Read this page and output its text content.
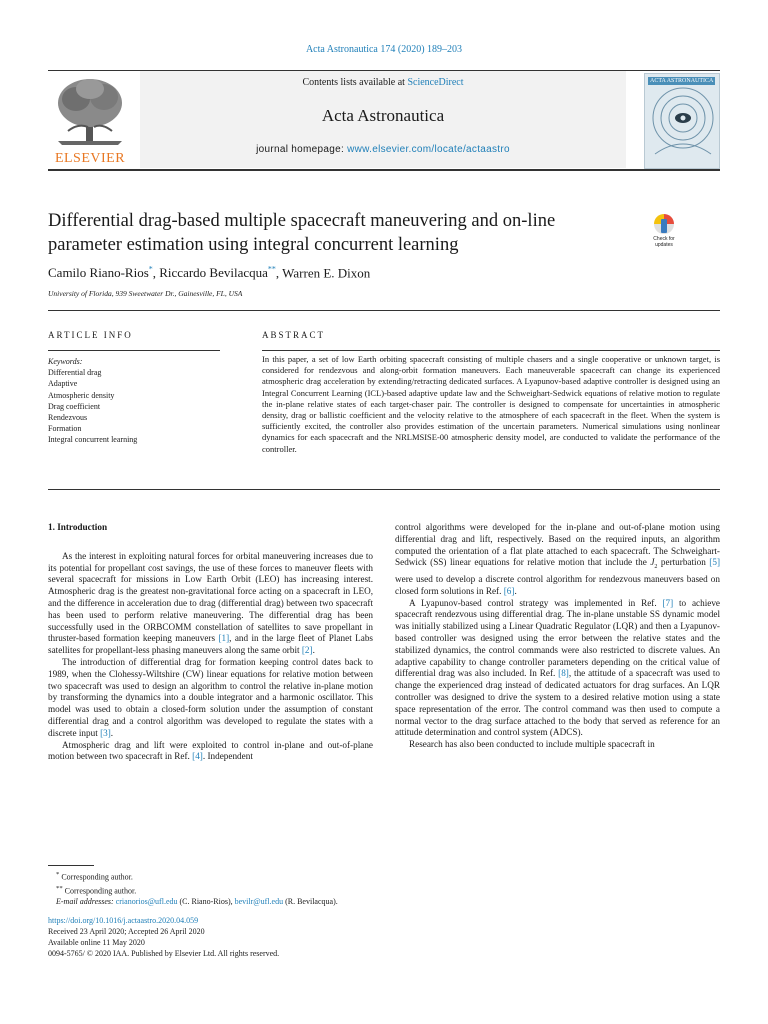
Acta Astronautica 174 (2020) 189–203
ELSEVIER
Contents lists available at ScienceDirect
Acta Astronautica
journal homepage: www.elsevier.com/locate/actaastro
ACTA ASTRONAUTICA
Differential drag-based multiple spacecraft maneuvering and on-line parameter estimation using integral concurrent learning	Check for updates
Camilo Riano-Rios*, Riccardo Bevilacqua**, Warren E. Dixon
University of Florida, 939 Sweetwater Dr., Gainesville, FL, USA
ARTICLE INFO	ABSTRACT
Keywords:
Differential drag
Adaptive
Atmospheric density
Drag coefficient
Rendezvous
Formation
Integral concurrent learning
In this paper, a set of low Earth orbiting spacecraft consisting of multiple chasers and a single cooperative or unknown target, is considered for rendezvous and along-orbit formation maneuvers. Each maneuverable spacecraft can change its experienced atmospheric drag acceleration by extending/retracting dedicated surfaces. A Lyapunov-based adaptive controller is designed using an Integral Concurrent Learning (ICL)-based adaptive update law and the Schweighart-Sedwick equations of relative motion to regulate the in-plane relative states of each target-chaser pair. The controller is designed to compensate for uncertainties in atmospheric density, drag or ballistic coefficient and the velocity relative to the atmosphere of each spacecraft in the fleet. When the system is sufficiently excited, the controller also provides estimation of the uncertain parameters. Numerical simulations using nonlinear dynamics for each spacecraft and the NRLMSISE-00 atmospheric density model, are conducted to validate the performance of the controller.

1. Introduction

As the interest in exploiting natural forces for orbital maneuvering increases due to its potential for propellant cost savings, the use of these forces to maneuver fleets with several spacecraft for missions in Low Earth Orbit (LEO) has increasing interest. Atmospheric drag is the greatest non-gravitational force acting on a spacecraft in LEO, and the difference in acceleration due to drag (differential drag) between two spacecraft has been used to perform relative maneuvering. The differential drag has been successfully used in the ORBCOMM constellation of satellites to save propellant in thruster-based formation keeping maneuvers [1], and in the large fleet of Planet Labs satellites for propellant-less phasing maneuvers along the same orbit [2].

The introduction of differential drag for formation keeping control dates back to 1989, when the Clohessy-Wiltshire (CW) linear equations for relative motion between two spacecraft was used to design an algorithm to control the relative in-plane motion by transforming the dynamics into a double integrator and a harmonic oscillator. This model was used to obtain a closed-form solution under the assumption of constant differential drag and a control algorithm was developed to regulate the states with a discrete input [3].

Atmospheric drag and lift were exploited to control in-plane and out-of-plane motion between two spacecraft in Ref. [4]. Independent

control algorithms were developed for the in-plane and out-of-plane motion using differential drag and lift, respectively. Based on the required inputs, an algorithm computed the orientation of a flat plate attached to each spacecraft. The Schweighart-Sedwick (SS) linear equations for relative motion that include the $J_2$ perturbation [5] were used to develop a discrete control algorithm for rendezvous maneuvers based on closed form solutions in Ref. [6].

A Lyapunov-based control strategy was implemented in Ref. [7] to achieve spacecraft rendezvous using differential drag. The in-plane unstable SS dynamic model was initially stabilized using a Linear Quadratic Regulator (LQR) and then a Lyapunov-based controller was designed using the error between the relative states and the stabilized dynamics, the control commands were also restricted to discrete values. An adaptive capability to change controller parameters depending on the critical value of differential drag was also included. In Ref. [8], the attitude of a spacecraft was used to change the experienced drag instead of dedicated actuators for drag surfaces. An LQR controller was designed to drive the system to a desired relative motion using a state space representation of the error. The control command was then used to compute a normal vector to the drag surface attached to the body that served as reference for an attitude determination and control system (ADCS).

Research has also been conducted to include multiple spacecraft in

* Corresponding author.
** Corresponding author.
E-mail addresses: crianorios@ufl.edu (C. Riano-Rios), bevilr@ufl.edu (R. Bevilacqua).
https://doi.org/10.1016/j.actaastro.2020.04.059
Received 23 April 2020; Accepted 26 April 2020
Available online 11 May 2020
0094-5765/ © 2020 IAA. Published by Elsevier Ltd. All rights reserved.
